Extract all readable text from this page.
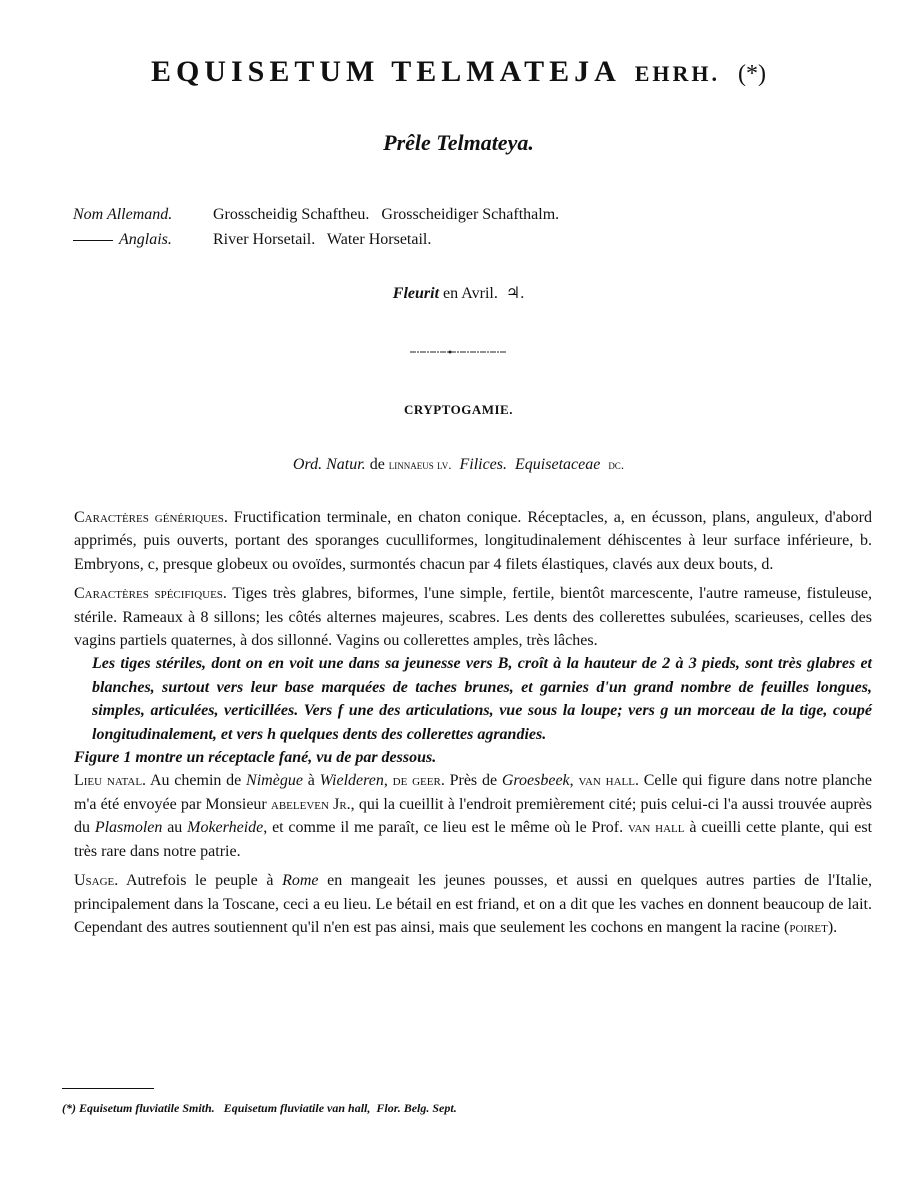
EQUISETUM TELMATEJA EHRH. (*)
Prêle Telmateya.
Nom Allemand.	Grosscheidig Schaftheu.   Grosscheidiger Schafthalm.
Anglais.	River Horsetail.   Water Horsetail.
Fleurit en Avril. ♃.
CRYPTOGAMIE.
Ord. Natur. de linnaeus lv. Filices. Equisetaceae dc.

Caractères génériques. Fructification terminale, en chaton conique. Réceptacles, a, en écusson, plans, anguleux, d'abord apprimés, puis ouverts, portant des sporanges cuculliformes, longitudinalement déhiscentes à leur surface inférieure, b. Embryons, c, presque globeux ou ovoïdes, surmontés chacun par 4 filets élastiques, clavés aux deux bouts, d.

Caractères spécifiques. Tiges très glabres, biformes, l'une simple, fertile, bientôt marcescente, l'autre rameuse, fistuleuse, stérile. Rameaux à 8 sillons; les côtés alternes majeures, scabres. Les dents des collerettes subulées, scarieuses, celles des vagins partiels quaternes, à dos sillonné. Vagins ou collerettes amples, très lâches.

Les tiges stériles, dont on en voit une dans sa jeunesse vers B, croît à la hauteur de 2 à 3 pieds, sont très glabres et blanches, surtout vers leur base marquées de taches brunes, et garnies d'un grand nombre de feuilles longues, simples, articulées, verticillées. Vers f une des articulations, vue sous la loupe; vers g un morceau de la tige, coupé longitudinalement, et vers h quelques dents des collerettes agrandies.

Figure 1 montre un réceptacle fané, vu de par dessous.

Lieu natal. Au chemin de Nimègue à Wielderen, de geer. Près de Groesbeek, van hall. Celle qui figure dans notre planche m'a été envoyée par Monsieur abeleven Jr., qui la cueillit à l'endroit premièrement cité; puis celui-ci l'a aussi trouvée auprès du Plasmolen au Mokerheide, et comme il me paraît, ce lieu est le même où le Prof. van hall à cueilli cette plante, qui est très rare dans notre patrie.

Usage. Autrefois le peuple à Rome en mangeait les jeunes pousses, et aussi en quelques autres parties de l'Italie, principalement dans la Toscane, ceci a eu lieu. Le bétail en est friand, et on a dit que les vaches en donnent beaucoup de lait. Cependant des autres soutiennent qu'il n'en est pas ainsi, mais que seulement les cochons en mangent la racine (poiret).

(*) Equisetum fluviatile Smith.   Equisetum fluviatile van hall,  Flor. Belg. Sept.
